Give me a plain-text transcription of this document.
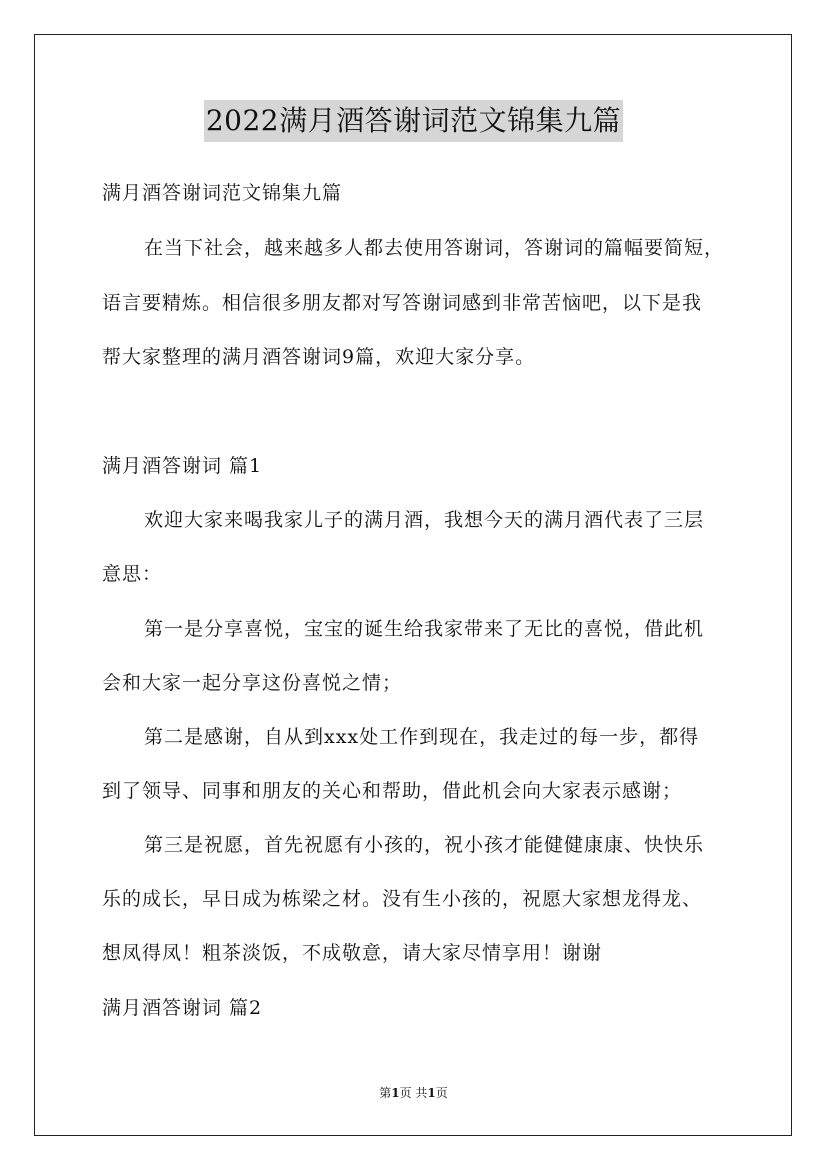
2022满月酒答谢词范文锦集九篇
满月酒答谢词范文锦集九篇
在当下社会，越来越多人都去使用答谢词，答谢词的篇幅要简短，
语言要精炼。相信很多朋友都对写答谢词感到非常苦恼吧，以下是我
帮大家整理的满月酒答谢词9篇，欢迎大家分享。
满月酒答谢词 篇1
欢迎大家来喝我家儿子的满月酒，我想今天的满月酒代表了三层
意思：
第一是分享喜悦，宝宝的诞生给我家带来了无比的喜悦，借此机
会和大家一起分享这份喜悦之情；
第二是感谢，自从到xxx处工作到现在，我走过的每一步，都得
到了领导、同事和朋友的关心和帮助，借此机会向大家表示感谢；
第三是祝愿，首先祝愿有小孩的，祝小孩才能健健康康、快快乐
乐的成长，早日成为栋梁之材。没有生小孩的，祝愿大家想龙得龙、
想凤得凤！粗茶淡饭，不成敬意，请大家尽情享用！谢谢
满月酒答谢词 篇2
第1页 共1页
